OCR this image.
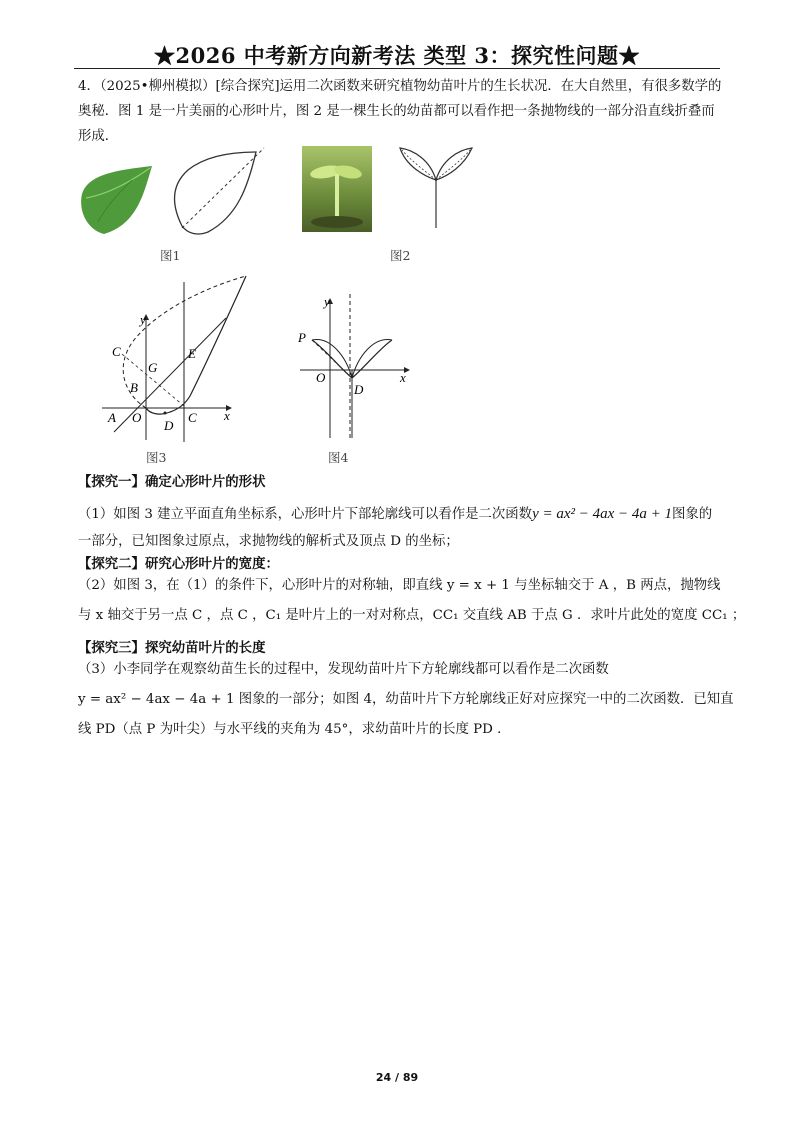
★2026 中考新方向新考法 类型 3：探究性问题★
4．（2025•柳州模拟）[综合探究]运用二次函数来研究植物幼苗叶片的生长状况．在大自然里，有很多数学的奥秘．图 1 是一片美丽的心形叶片，图 2 是一棵生长的幼苗都可以看作把一条抛物线的一部分沿直线折叠而形成．
图1	图2
y
x
A O
B
C
G
E
C
D
图3
y
x
P
O
D
图4
【探究一】确定心形叶片的形状
（1）如图 3 建立平面直角坐标系，心形叶片下部轮廓线可以看作是二次函数y = ax² − 4ax − 4a + 1图象的
一部分，已知图象过原点，求抛物线的解析式及顶点 D 的坐标；
【探究二】研究心形叶片的宽度：
（2）如图 3，在（1）的条件下，心形叶片的对称轴，即直线 y = x + 1 与坐标轴交于 A ，B 两点，抛物线
与 x 轴交于另一点 C ，点 C ，C₁ 是叶片上的一对对称点，CC₁ 交直线 AB 于点 G ．求叶片此处的宽度 CC₁ ；
【探究三】探究幼苗叶片的长度
（3）小李同学在观察幼苗生长的过程中，发现幼苗叶片下方轮廓线都可以看作是二次函数
y = ax² − 4ax − 4a + 1 图象的一部分；如图 4，幼苗叶片下方轮廓线正好对应探究一中的二次函数．已知直
线 PD（点 P 为叶尖）与水平线的夹角为 45°，求幼苗叶片的长度 PD ．
24 / 89
